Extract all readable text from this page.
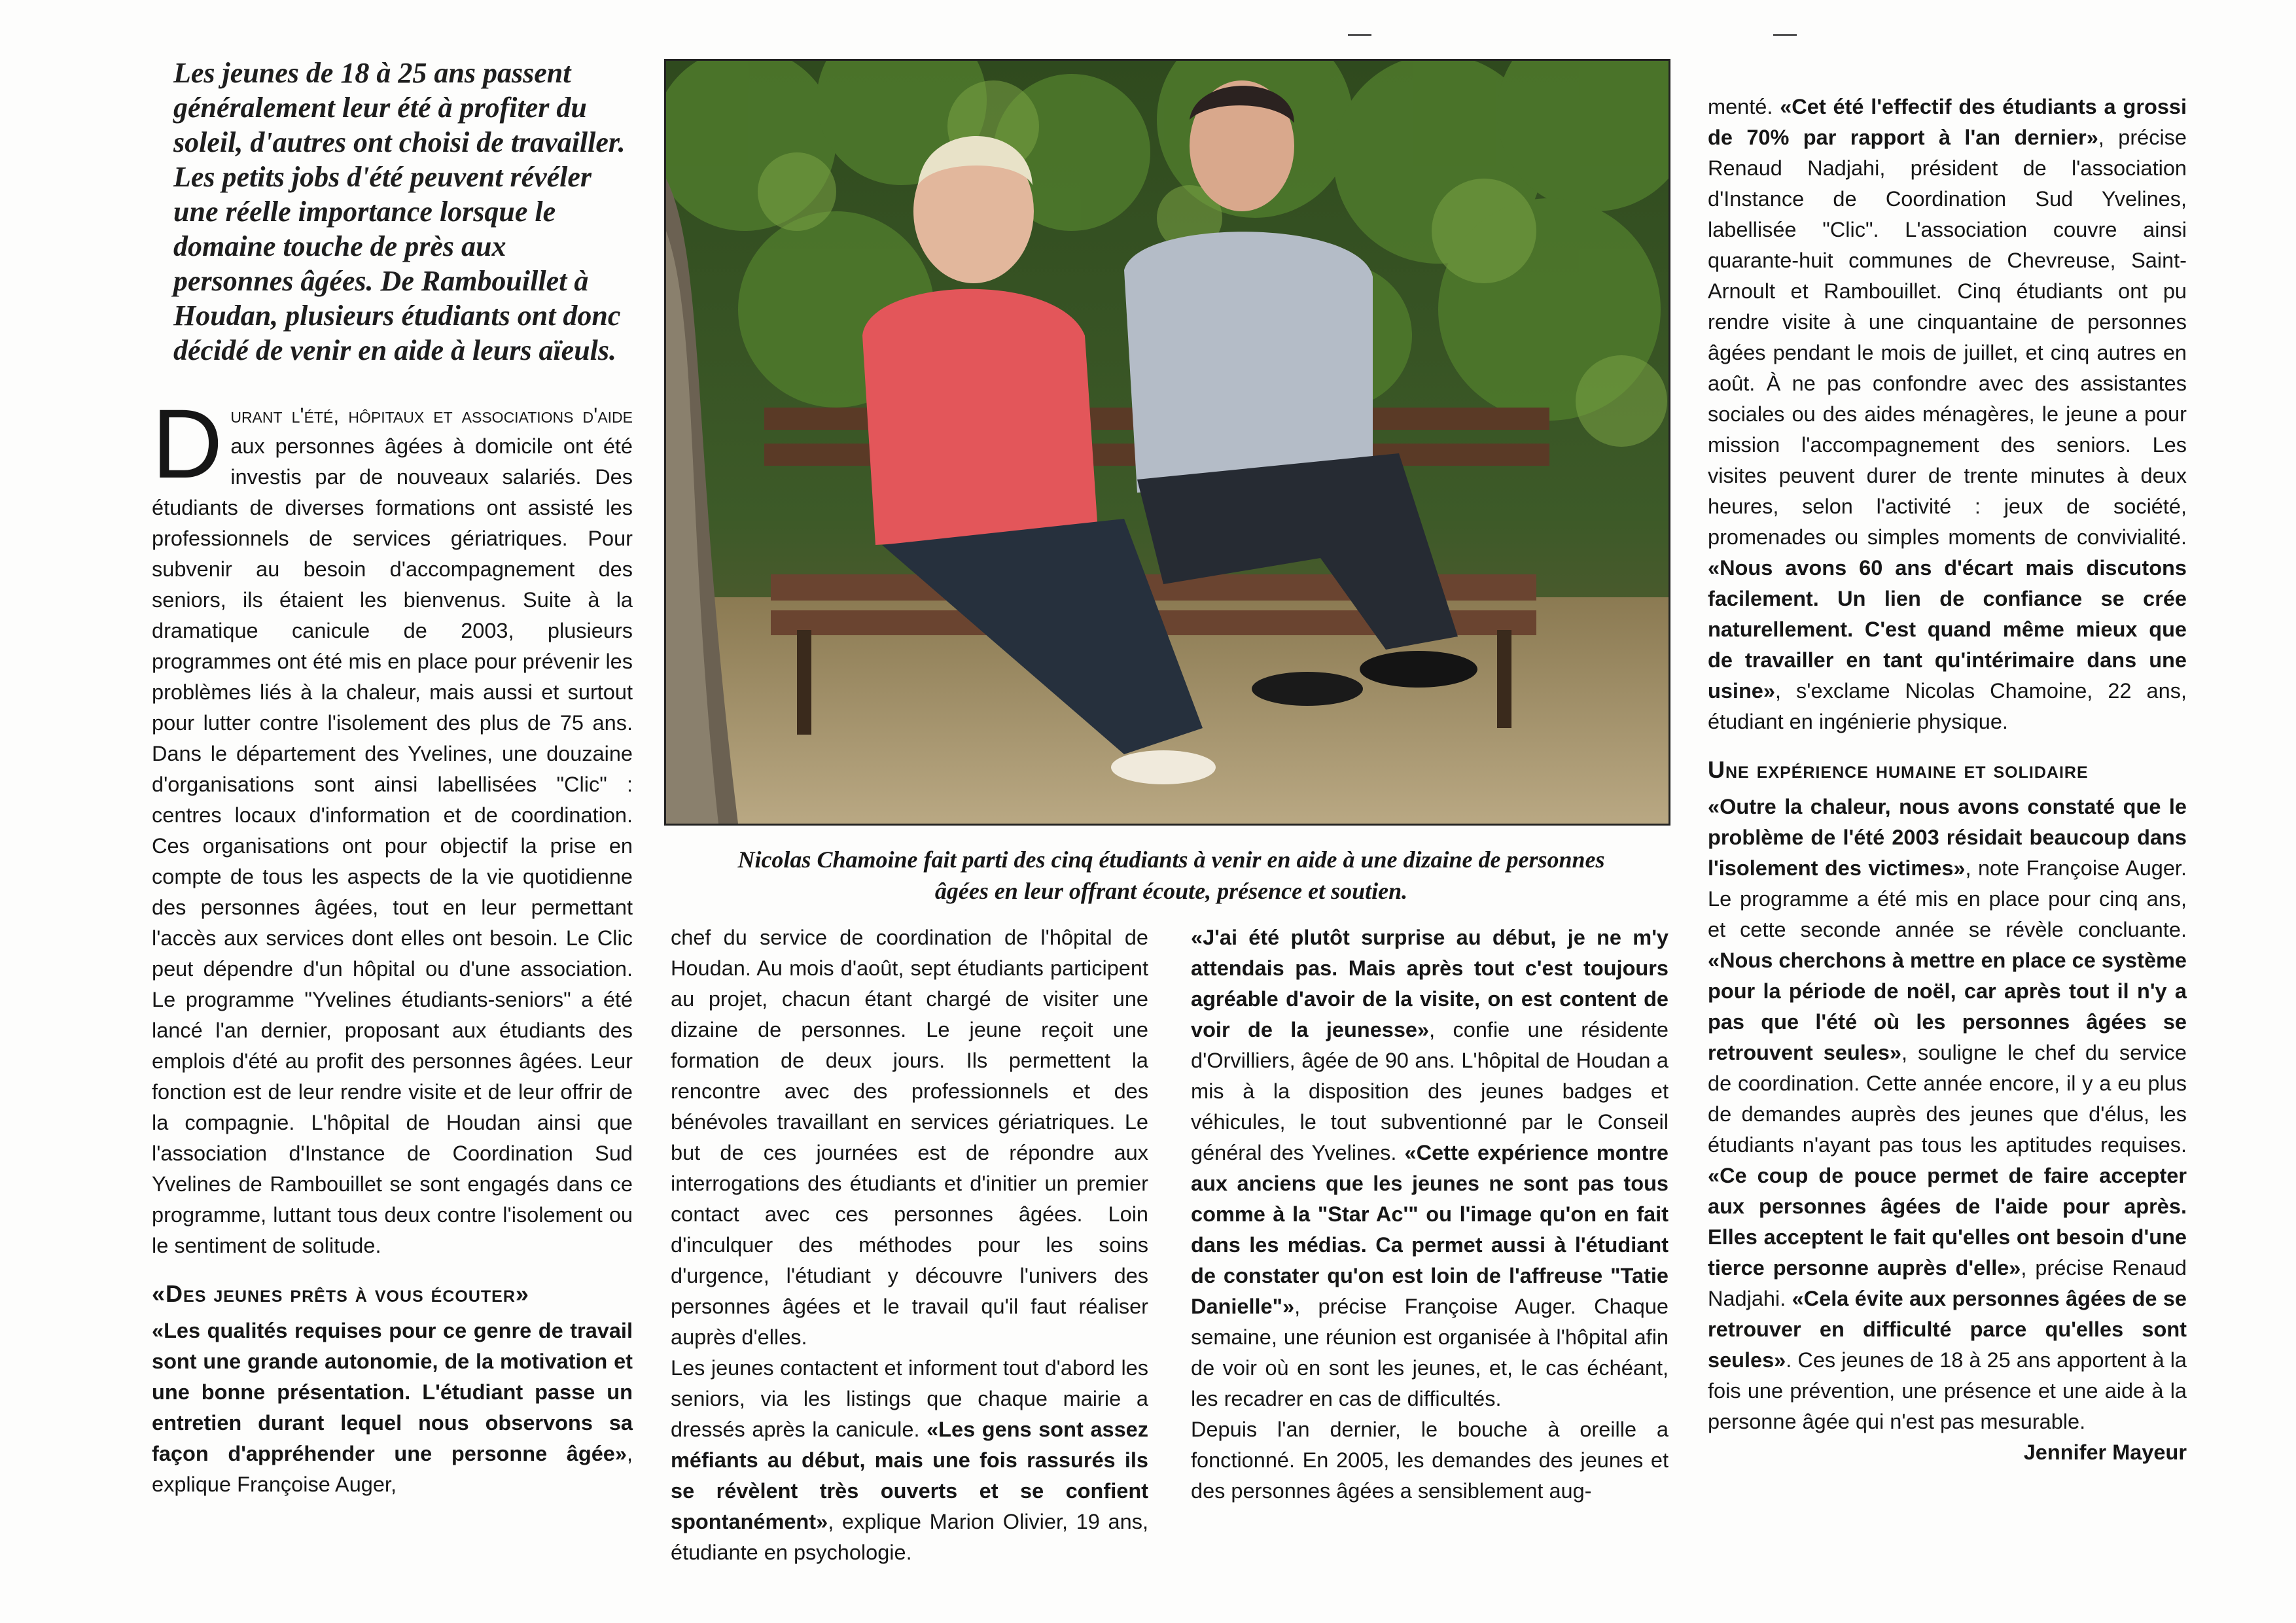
Les jeunes de 18 à 25 ans passent généralement leur été à profiter du soleil, d'autres ont choisi de travailler. Les petits jobs d'été peuvent révéler une réelle importance lorsque le domaine touche de près aux personnes âgées. De Rambouillet à Houdan, plusieurs étudiants ont donc décidé de venir en aide à leurs aïeuls.
D urant l'été, hôpitaux et associations d'aide aux personnes âgées à domicile ont été investis par de nouveaux salariés. Des étudiants de diverses formations ont assisté les professionnels de services gériatriques. Pour subvenir au besoin d'accompagnement des seniors, ils étaient les bienvenus. Suite à la dramatique canicule de 2003, plusieurs programmes ont été mis en place pour prévenir les problèmes liés à la chaleur, mais aussi et surtout pour lutter contre l'isolement des plus de 75 ans. Dans le département des Yvelines, une douzaine d'organisations sont ainsi labellisées "Clic" : centres locaux d'information et de coordination. Ces organisations ont pour objectif la prise en compte de tous les aspects de la vie quotidienne des personnes âgées, tout en leur permettant l'accès aux services dont elles ont besoin. Le Clic peut dépendre d'un hôpital ou d'une association. Le programme "Yvelines étudiants-seniors" a été lancé l'an dernier, proposant aux étudiants des emplois d'été au profit des personnes âgées. Leur fonction est de leur rendre visite et de leur offrir de la compagnie. L'hôpital de Houdan ainsi que l'association d'Instance de Coordination Sud Yvelines de Rambouillet se sont engagés dans ce programme, luttant tous deux contre l'isolement ou le sentiment de solitude.

«Des jeunes prêts à vous écouter»

«Les qualités requises pour ce genre de travail sont une grande autonomie, de la motivation et une bonne présentation. L'étudiant passe un entretien durant lequel nous observons sa façon d'appréhender une personne âgée», explique Françoise Auger,

Nicolas Chamoine fait parti des cinq étudiants à venir en aide à une dizaine de personnes âgées en leur offrant écoute, présence et soutien.

chef du service de coordination de l'hôpital de Houdan. Au mois d'août, sept étudiants participent au projet, chacun étant chargé de visiter une dizaine de personnes. Le jeune reçoit une formation de deux jours. Ils permettent la rencontre avec des professionnels et des bénévoles travaillant en services gériatriques. Le but de ces journées est de répondre aux interrogations des étudiants et d'initier un premier contact avec ces personnes âgées. Loin d'inculquer des méthodes pour les soins d'urgence, l'étudiant y découvre l'univers des personnes âgées et le travail qu'il faut réaliser auprès d'elles.

Les jeunes contactent et informent tout d'abord les seniors, via les listings que chaque mairie a dressés après la canicule. «Les gens sont assez méfiants au début, mais une fois rassurés ils se révèlent très ouverts et se confient spontanément», explique Marion Olivier, 19 ans, étudiante en psychologie.

«J'ai été plutôt surprise au début, je ne m'y attendais pas. Mais après tout c'est toujours agréable d'avoir de la visite, on est content de voir de la jeunesse», confie une résidente d'Orvilliers, âgée de 90 ans. L'hôpital de Houdan a mis à la disposition des jeunes badges et véhicules, le tout subventionné par le Conseil général des Yvelines. «Cette expérience montre aux anciens que les jeunes ne sont pas tous comme à la "Star Ac'" ou l'image qu'on en fait dans les médias. Ca permet aussi à l'étudiant de constater qu'on est loin de l'affreuse "Tatie Danielle"», précise Françoise Auger. Chaque semaine, une réunion est organisée à l'hôpital afin de voir où en sont les jeunes, et, le cas échéant, les recadrer en cas de difficultés.

Depuis l'an dernier, le bouche à oreille a fonctionné. En 2005, les demandes des jeunes et des personnes âgées a sensiblement aug-

menté. «Cet été l'effectif des étudiants a grossi de 70% par rapport à l'an dernier», précise Renaud Nadjahi, président de l'association d'Instance de Coordination Sud Yvelines, labellisée "Clic". L'association couvre ainsi quarante-huit communes de Chevreuse, Saint-Arnoult et Rambouillet. Cinq étudiants ont pu rendre visite à une cinquantaine de personnes âgées pendant le mois de juillet, et cinq autres en août. À ne pas confondre avec des assistantes sociales ou des aides ménagères, le jeune a pour mission l'accompagnement des seniors. Les visites peuvent durer de trente minutes à deux heures, selon l'activité : jeux de société, promenades ou simples moments de convivialité. «Nous avons 60 ans d'écart mais discutons facilement. Un lien de confiance se crée naturellement. C'est quand même mieux que de travailler en tant qu'intérimaire dans une usine», s'exclame Nicolas Chamoine, 22 ans, étudiant en ingénierie physique.

Une expérience humaine et solidaire

«Outre la chaleur, nous avons constaté que le problème de l'été 2003 résidait beaucoup dans l'isolement des victimes», note Françoise Auger. Le programme a été mis en place pour cinq ans, et cette seconde année se révèle concluante. «Nous cherchons à mettre en place ce système pour la période de noël, car après tout il n'y a pas que l'été où les personnes âgées se retrouvent seules», souligne le chef du service de coordination. Cette année encore, il y a eu plus de demandes auprès des jeunes que d'élus, les étudiants n'ayant pas tous les aptitudes requises. «Ce coup de pouce permet de faire accepter aux personnes âgées de l'aide pour après. Elles acceptent le fait qu'elles ont besoin d'une tierce personne auprès d'elle», précise Renaud Nadjahi. «Cela évite aux personnes âgées de se retrouver en difficulté parce qu'elles sont seules». Ces jeunes de 18 à 25 ans apportent à la fois une prévention, une présence et une aide à la personne âgée qui n'est pas mesurable.

Jennifer Mayeur
